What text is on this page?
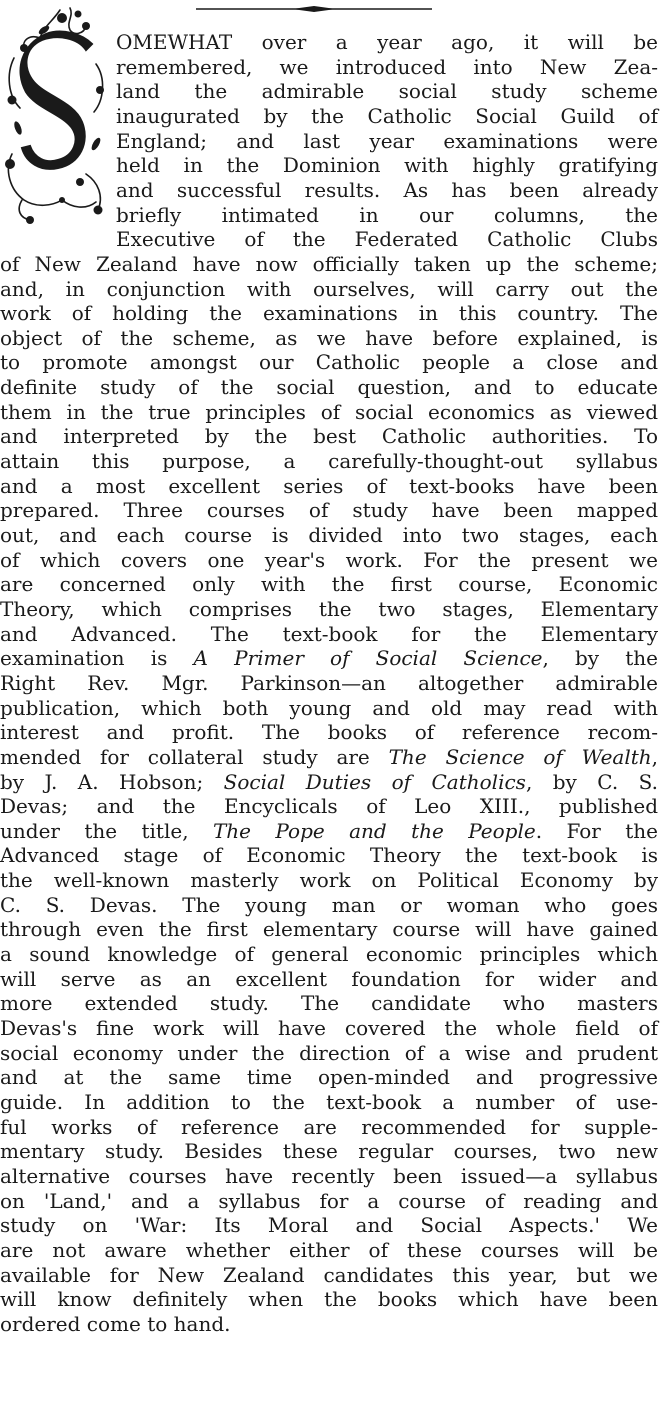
OMEWHAT over a year ago, it will be

remembered, we introduced into New Zea-

land the admirable social study scheme

inaugurated by the Catholic Social Guild of

England; and last year examinations were

held in the Dominion with highly gratifying

and successful results. As has been already

briefly intimated in our columns, the

Executive of the Federated Catholic Clubs

of New Zealand have now officially taken up the scheme;

and, in conjunction with ourselves, will carry out the

work of holding the examinations in this country. The

object of the scheme, as we have before explained, is

to promote amongst our Catholic people a close and

definite study of the social question, and to educate

them in the true principles of social economics as viewed

and interpreted by the best Catholic authorities. To

attain this purpose, a carefully-thought-out syllabus

and a most excellent series of text-books have been

prepared. Three courses of study have been mapped

out, and each course is divided into two stages, each

of which covers one year's work. For the present we

are concerned only with the first course, Economic

Theory, which comprises the two stages, Elementary

and Advanced. The text-book for the Elementary

examination is A Primer of Social Science, by the

Right Rev. Mgr. Parkinson—an altogether admirable

publication, which both young and old may read with

interest and profit. The books of reference recom-

mended for collateral study are The Science of Wealth,

by J. A. Hobson; Social Duties of Catholics, by C. S.

Devas; and the Encyclicals of Leo XIII., published

under the title, The Pope and the People. For the

Advanced stage of Economic Theory the text-book is

the well-known masterly work on Political Economy by

C. S. Devas. The young man or woman who goes

through even the first elementary course will have gained

a sound knowledge of general economic principles which

will serve as an excellent foundation for wider and

more extended study. The candidate who masters

Devas's fine work will have covered the whole field of

social economy under the direction of a wise and prudent

and at the same time open-minded and progressive

guide. In addition to the text-book a number of use-

ful works of reference are recommended for supple-

mentary study. Besides these regular courses, two new

alternative courses have recently been issued—a syllabus

on 'Land,' and a syllabus for a course of reading and

study on 'War: Its Moral and Social Aspects.' We

are not aware whether either of these courses will be

available for New Zealand candidates this year, but we

will know definitely when the books which have been

ordered come to hand.
